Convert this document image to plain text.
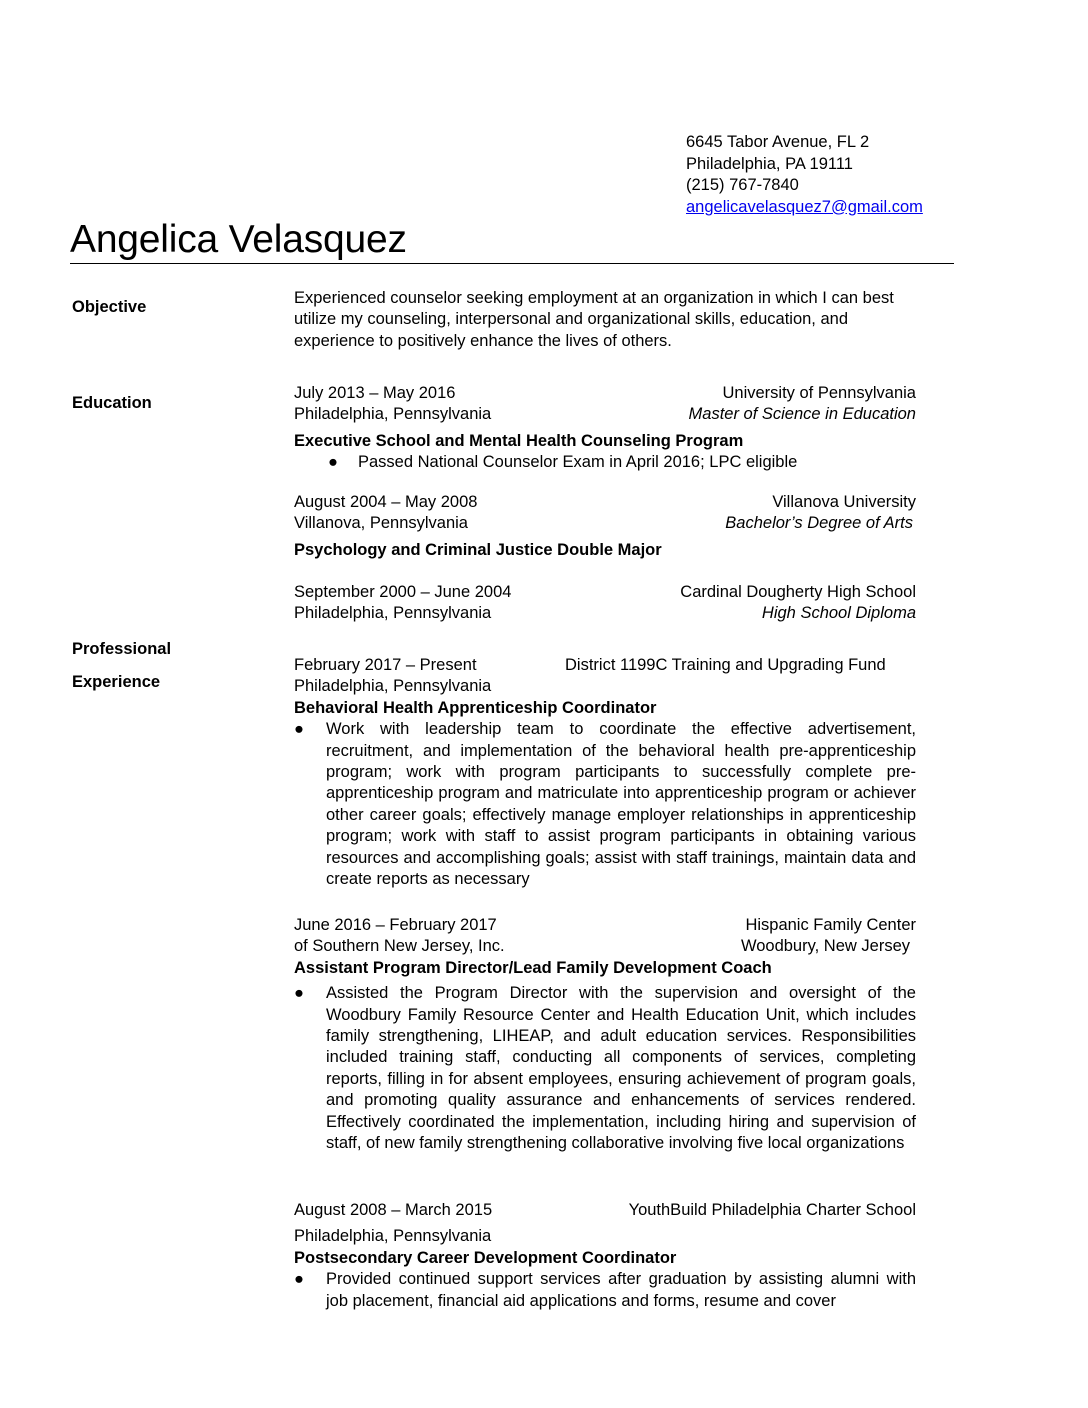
6645 Tabor Avenue, FL 2
Philadelphia, PA 19111
(215) 767-7840
angelicavelasquez7@gmail.com
Angelica Velasquez
Objective
Education
Professional
Experience
Experienced counselor seeking employment at an organization in which I can best utilize my counseling, interpersonal and organizational skills, education, and experience to positively enhance the lives of others.
July 2013 – May 2016	University of Pennsylvania
Philadelphia, Pennsylvania	Master of Science in Education
Executive School and Mental Health Counseling Program
●	Passed National Counselor Exam in April 2016; LPC eligible
August 2004 – May 2008	Villanova University
Villanova, Pennsylvania	Bachelor’s Degree of Arts
Psychology and Criminal Justice Double Major
September 2000 – June 2004	Cardinal Dougherty High School
Philadelphia, Pennsylvania	High School Diploma
February 2017 – Present	District 1199C Training and Upgrading Fund
Philadelphia, Pennsylvania
Behavioral Health Apprenticeship Coordinator
●	Work with leadership team to coordinate the effective advertisement, recruitment, and implementation of the behavioral health pre-apprenticeship program; work with program participants to successfully complete pre-apprenticeship program and matriculate into apprenticeship program or achiever other career goals; effectively manage employer relationships in apprenticeship program; work with staff to assist program participants in obtaining various resources and accomplishing goals; assist with staff trainings, maintain data and create reports as necessary
June 2016 – February 2017	Hispanic Family Center
of Southern New Jersey, Inc.	Woodbury, New Jersey
Assistant Program Director/Lead Family Development Coach
●	Assisted the Program Director with the supervision and oversight of the Woodbury Family Resource Center and Health Education Unit, which includes family strengthening, LIHEAP, and adult education services. Responsibilities included training staff, conducting all components of services, completing reports, filling in for absent employees, ensuring achievement of program goals, and promoting quality assurance and enhancements of services rendered. Effectively coordinated the implementation, including hiring and supervision of staff, of new family strengthening collaborative involving five local organizations
August 2008 – March 2015	YouthBuild Philadelphia Charter School
Philadelphia, Pennsylvania
Postsecondary Career Development Coordinator
●	Provided continued support services after graduation by assisting alumni with job placement, financial aid applications and forms, resume and cover
